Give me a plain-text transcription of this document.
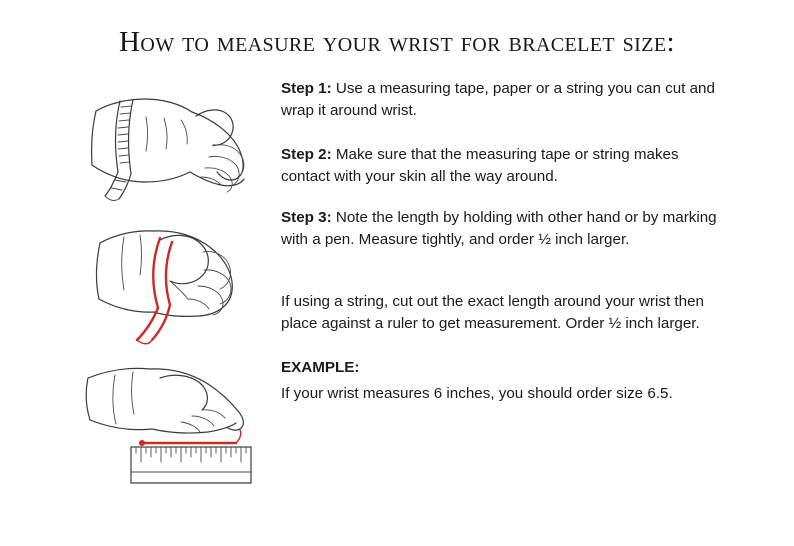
How to measure your wrist for bracelet size:
Step 1: Use a measuring tape, paper or a string you can cut and wrap it around wrist.
Step 2: Make sure that the measuring tape or string makes contact with your skin all the way around.
Step 3: Note the length by holding with other hand or by marking with a pen. Measure tightly, and order ½ inch larger.
If using a string, cut out the exact length around your wrist then place against a ruler to get measurement. Order ½ inch larger.
EXAMPLE:
If your wrist measures 6 inches, you should order size 6.5.
